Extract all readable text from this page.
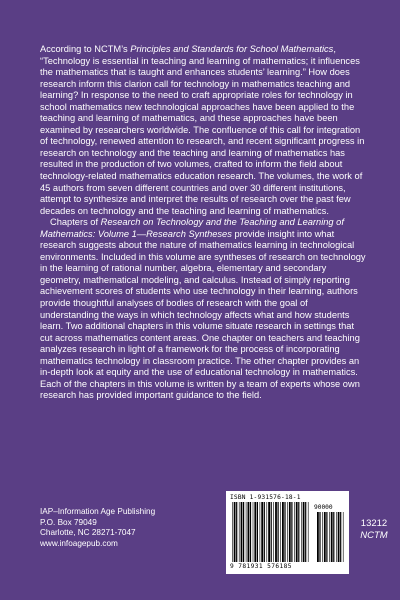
According to NCTM’s Principles and Standards for School Mathematics, “Technology is essential in teaching and learning of mathematics; it influences the mathematics that is taught and enhances students’ learning.” How does research inform this clarion call for technology in mathematics teaching and learning? In response to the need to craft appropriate roles for technology in school mathematics new technological approaches have been applied to the teaching and learning of mathematics, and these approaches have been examined by researchers worldwide. The confluence of this call for integration of technology, renewed attention to research, and recent significant progress in research on technology and the teaching and learning of mathematics has resulted in the production of two volumes, crafted to inform the field about technology-related mathematics education research. The volumes, the work of 45 authors from seven different countries and over 30 different institutions, attempt to synthesize and interpret the results of research over the past few decades on technology and the teaching and learning of mathematics.

Chapters of Research on Technology and the Teaching and Learning of Mathematics: Volume 1—Research Syntheses provide insight into what research suggests about the nature of mathematics learning in technological environments. Included in this volume are syntheses of research on technology in the learning of rational number, algebra, elementary and secondary geometry, mathematical modeling, and calculus. Instead of simply reporting achievement scores of students who use technology in their learning, authors provide thoughtful analyses of bodies of research with the goal of understanding the ways in which technology affects what and how students learn. Two additional chapters in this volume situate research in settings that cut across mathematics content areas. One chapter on teachers and teaching analyzes research in light of a framework for the process of incorporating mathematics technology in classroom practice. The other chapter provides an in-depth look at equity and the use of educational technology in mathematics. Each of the chapters in this volume is written by a team of experts whose own research has provided important guidance to the field.

IAP–Information Age Publishing
P.O. Box 79049
Charlotte, NC 28271-7047
www.infoagepub.com
ISBN 1-931576-18-1
90000
9 781931 576185
13212
NCTM
